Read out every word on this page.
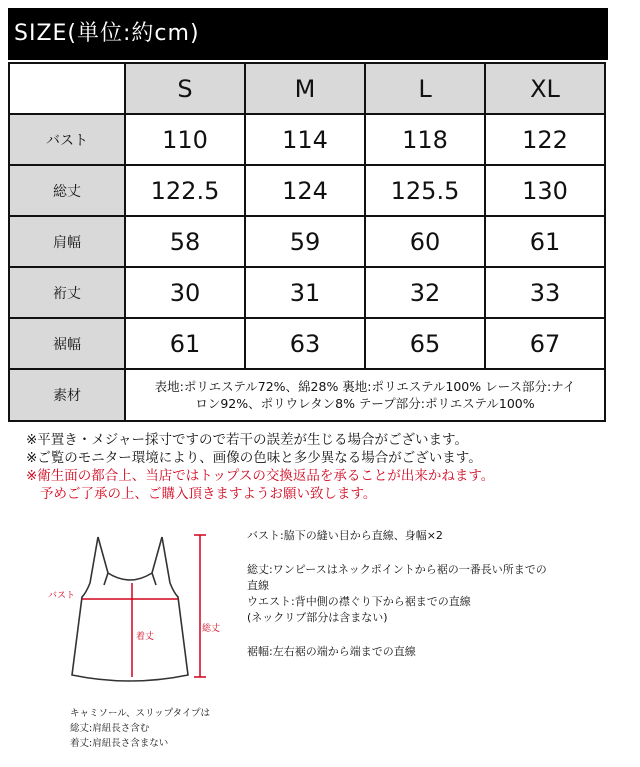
SIZE(単位:約cm)
	S	M	L	XL
バスト	110	114	118	122
総丈	122.5	124	125.5	130
肩幅	58	59	60	61
裄丈	30	31	32	33
裾幅	61	63	65	67
素材	表地:ポリエステル72%、綿28% 裏地:ポリエステル100% レース部分:ナイ
ロン92%、ポリウレタン8% テープ部分:ポリエステル100%			
※平置き・メジャー採寸ですので若干の誤差が生じる場合がございます。
※ご覧のモニター環境により、画像の色味と多少異なる場合がございます。
※衛生面の都合上、当店ではトップスの交換返品を承ることが出来かねます。
予めご了承の上、ご購入頂きますようお願い致します。
バスト
着丈
総丈
キャミソール、スリップタイプは
総丈:肩紐長さ含む
着丈:肩紐長さ含まない
バスト:脇下の縫い目から直線、身幅×2
総丈:ワンピースはネックポイントから裾の一番長い所までの
直線
ウエスト:背中側の襟ぐり下から裾までの直線
(ネックリブ部分は含まない)
裾幅:左右裾の端から端までの直線
